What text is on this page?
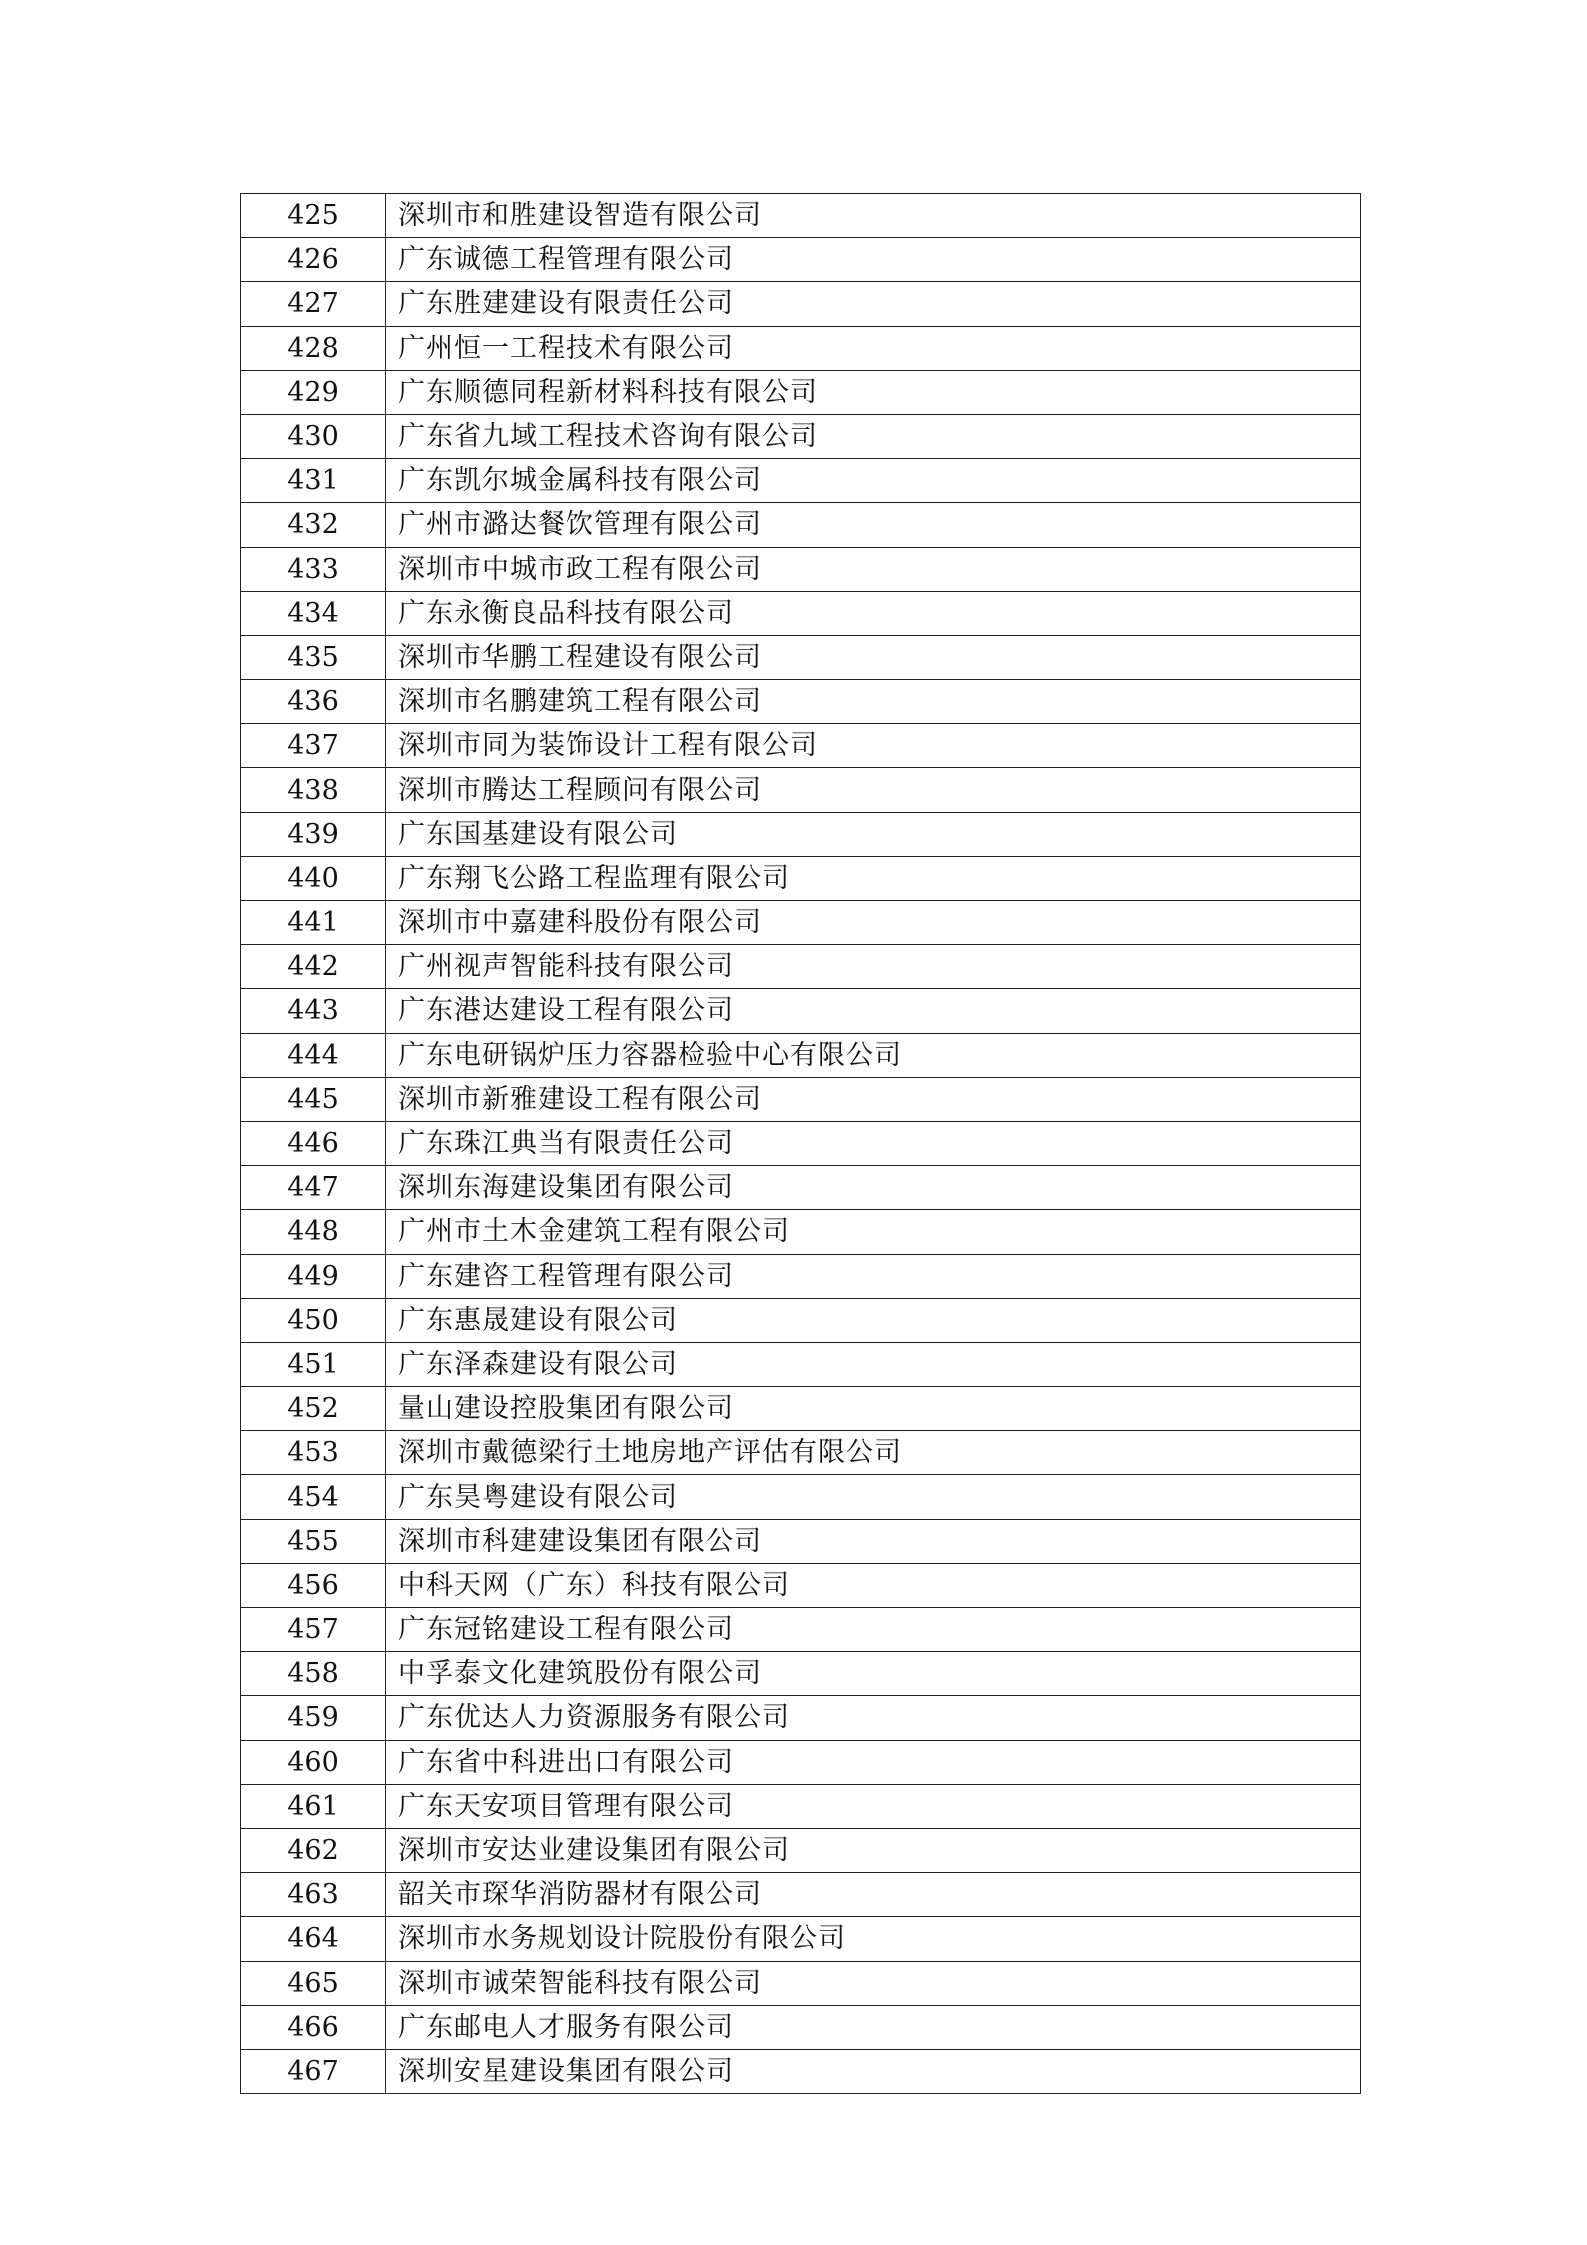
425	深圳市和胜建设智造有限公司
426	广东诚德工程管理有限公司
427	广东胜建建设有限责任公司
428	广州恒一工程技术有限公司
429	广东顺德同程新材料科技有限公司
430	广东省九域工程技术咨询有限公司
431	广东凯尔城金属科技有限公司
432	广州市潞达餐饮管理有限公司
433	深圳市中城市政工程有限公司
434	广东永衡良品科技有限公司
435	深圳市华鹏工程建设有限公司
436	深圳市名鹏建筑工程有限公司
437	深圳市同为装饰设计工程有限公司
438	深圳市腾达工程顾问有限公司
439	广东国基建设有限公司
440	广东翔飞公路工程监理有限公司
441	深圳市中嘉建科股份有限公司
442	广州视声智能科技有限公司
443	广东港达建设工程有限公司
444	广东电研锅炉压力容器检验中心有限公司
445	深圳市新雅建设工程有限公司
446	广东珠江典当有限责任公司
447	深圳东海建设集团有限公司
448	广州市土木金建筑工程有限公司
449	广东建咨工程管理有限公司
450	广东惠晟建设有限公司
451	广东泽森建设有限公司
452	量山建设控股集团有限公司
453	深圳市戴德梁行土地房地产评估有限公司
454	广东昊粤建设有限公司
455	深圳市科建建设集团有限公司
456	中科天网（广东）科技有限公司
457	广东冠铭建设工程有限公司
458	中孚泰文化建筑股份有限公司
459	广东优达人力资源服务有限公司
460	广东省中科进出口有限公司
461	广东天安项目管理有限公司
462	深圳市安达业建设集团有限公司
463	韶关市琛华消防器材有限公司
464	深圳市水务规划设计院股份有限公司
465	深圳市诚荣智能科技有限公司
466	广东邮电人才服务有限公司
467	深圳安星建设集团有限公司
